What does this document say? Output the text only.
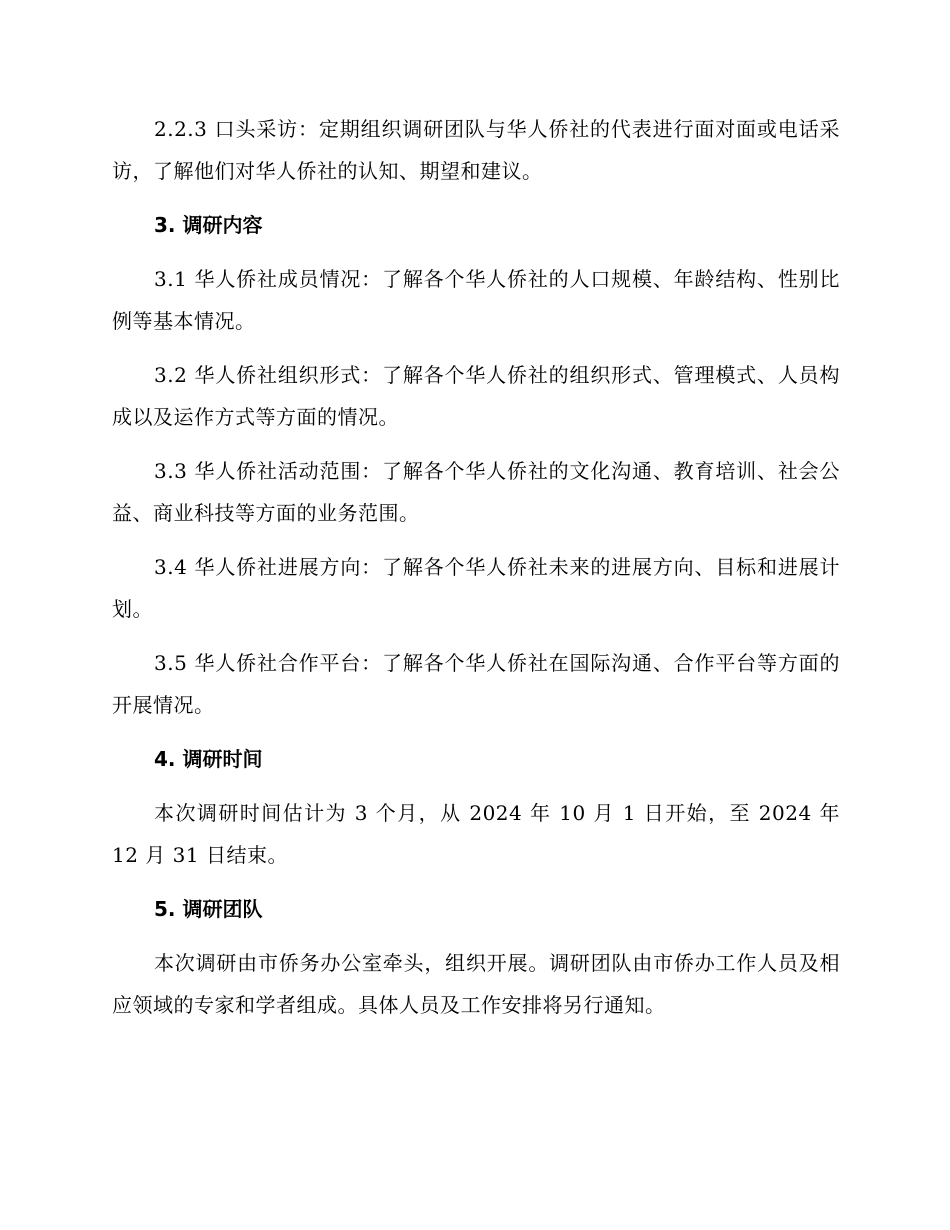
2.2.3 口头采访：定期组织调研团队与华人侨社的代表进行面对面或电话采访，了解他们对华人侨社的认知、期望和建议。

3. 调研内容

3.1 华人侨社成员情况：了解各个华人侨社的人口规模、年龄结构、性别比例等基本情况。

3.2 华人侨社组织形式：了解各个华人侨社的组织形式、管理模式、人员构成以及运作方式等方面的情况。

3.3 华人侨社活动范围：了解各个华人侨社的文化沟通、教育培训、社会公益、商业科技等方面的业务范围。

3.4 华人侨社进展方向：了解各个华人侨社未来的进展方向、目标和进展计划。

3.5 华人侨社合作平台：了解各个华人侨社在国际沟通、合作平台等方面的开展情况。

4. 调研时间

本次调研时间估计为 3 个月，从 2024 年 10 月 1 日开始，至 2024 年 12 月 31 日结束。

5. 调研团队

本次调研由市侨务办公室牵头，组织开展。调研团队由市侨办工作人员及相应领域的专家和学者组成。具体人员及工作安排将另行通知。
